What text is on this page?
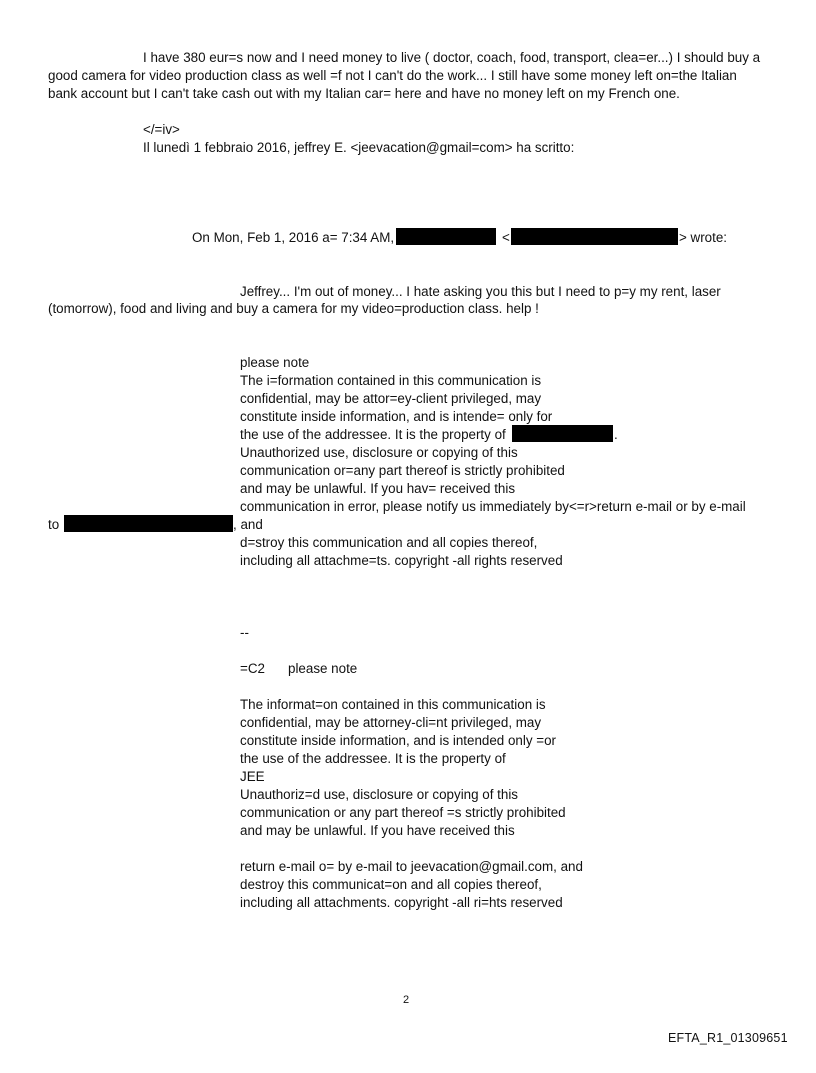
I have 380 eur=s now and I need money to live ( doctor, coach, food, transport, clea=er...) I should buy a
good camera for video production class as well =f not I can't do the work... I still have some money left on=the Italian
bank account but I can't take cash out with my Italian car= here and have no money left on my French one.
</=iv>
Il lunedì 1 febbraio 2016, jeffrey E. <jeevacation@gmail=com> ha scritto:
On Mon, Feb 1, 2016 a= 7:34 AM,	<	> wrote:
Jeffrey... I'm out of money... I hate asking you this but I need to p=y my rent, laser
(tomorrow), food and living and buy a camera for my video=production class. help !
please note
The i=formation contained in this communication is
confidential, may be attor=ey-client privileged, may
constitute inside information, and is intende= only for
the use of the addressee. It is the property of	.
Unauthorized use, disclosure or copying of this
communication or=any part thereof is strictly prohibited
and may be unlawful. If you hav= received this
communication in error, please notify us immediately by<=r>return e-mail or by e-mail
to	, and
d=stroy this communication and all copies thereof,
including all attachme=ts. copyright -all rights reserved
--
=C2 please note
The informat=on contained in this communication is
confidential, may be attorney-cli=nt privileged, may
constitute inside information, and is intended only =or
the use of the addressee. It is the property of
JEE
Unauthoriz=d use, disclosure or copying of this
communication or any part thereof =s strictly prohibited
and may be unlawful. If you have received this
return e-mail o= by e-mail to jeevacation@gmail.com, and
destroy this communicat=on and all copies thereof,
including all attachments. copyright -all ri=hts reserved
2
EFTA_R1_01309651
